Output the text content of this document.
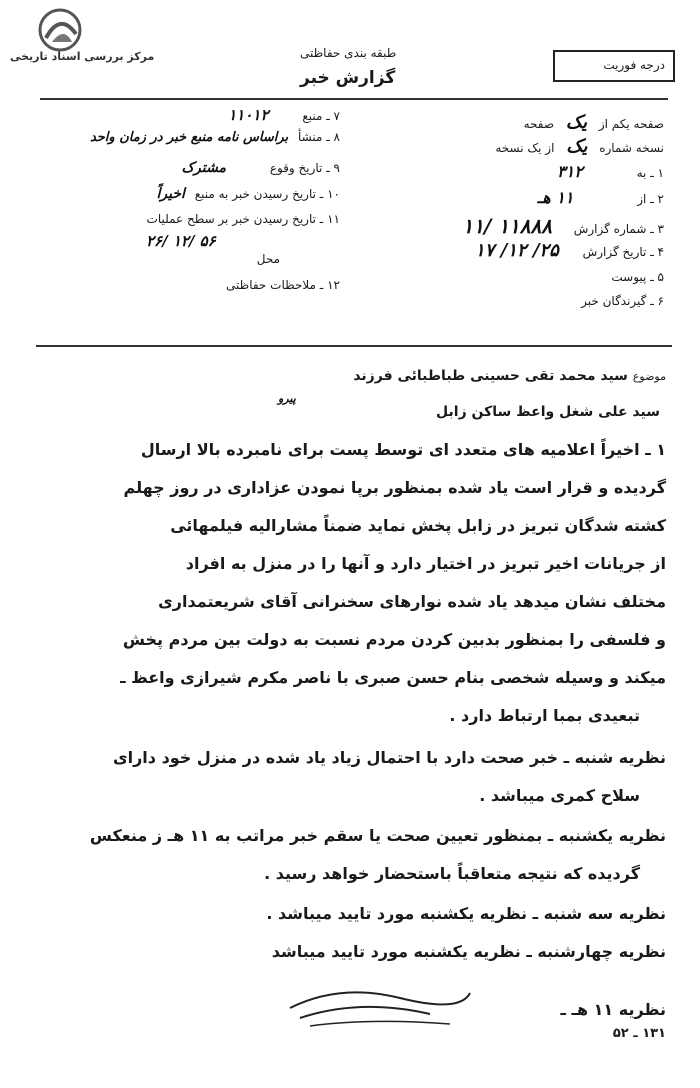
مرکز بررسی اسناد تاریخی	طبقه بندی حفاظتی
گزارش خبر
درجه فوریت
صفحه یکم از یک صفحه
نسخه شماره یک از یک نسخه
۱ ـ به ۳۱۲
۲ ـ از ۱۱ هـ
۳ ـ شماره گزارش ۱۱۸۸۸ /۱۱
۴ ـ تاریخ گزارش ۲۵/ ۱۲/ ۱۷
۵ ـ پیوست
۶ ـ گیرندگان خبر
۷ ـ منبع ۱۱۰۱۲
۸ ـ منشأ براساس نامه منبع خبر در زمان واحد
۹ ـ تاریخ وقوع مشترک
۱۰ ـ تاریخ رسیدن خبر به منبع اخیراً
۱۱ ـ تاریخ رسیدن خبر بر سطح عملیات
۲۶/ ۱۲/ ۵۶
محل
۱۲ ـ ملاحظات حفاظتی
موضوع سید محمد تقی حسینی طباطبائی فرزند
پیرو
سید علی شغل واعظ ساکن زابل
۱ ـ اخیراً اعلامیه های متعدد ای توسط پست برای نامبرده بالا ارسال
گردیده و قرار است یاد شده بمنظور برپا نمودن عزاداری در روز چهلم
کشته شدگان تبریز در زابل پخش نماید ضمناً مشارالیه فیلمهائی
از جریانات اخیر تبریز در اختیار دارد و آنها را در منزل به افراد
مختلف نشان میدهد یاد شده نوارهای سخنرانی آقای شریعتمداری
و فلسفی را بمنظور بدبین کردن مردم نسبت به دولت بین مردم پخش
میکند و وسیله شخصی بنام حسن صبری با ناصر مکرم شیرازی واعظ ـ
تبعیدی بمبا ارتباط دارد .
نظریه شنبه ـ خبر صحت دارد با احتمال زیاد یاد شده در منزل خود دارای
سلاح کمری میباشد .
نظریه یکشنبه ـ بمنظور تعیین صحت یا سقم خبر مراتب به ۱۱ هـ ز منعکس
گردیده که نتیجه متعاقباً باستحضار خواهد رسید .
نظریه سه شنبه ـ نظریه یکشنبه مورد تایید میباشد .
نظریه چهارشنبه ـ نظریه یکشنبه مورد تایید میباشد
نظریه ۱۱ هـ ـ
۱۳۱ ـ ۵۲
